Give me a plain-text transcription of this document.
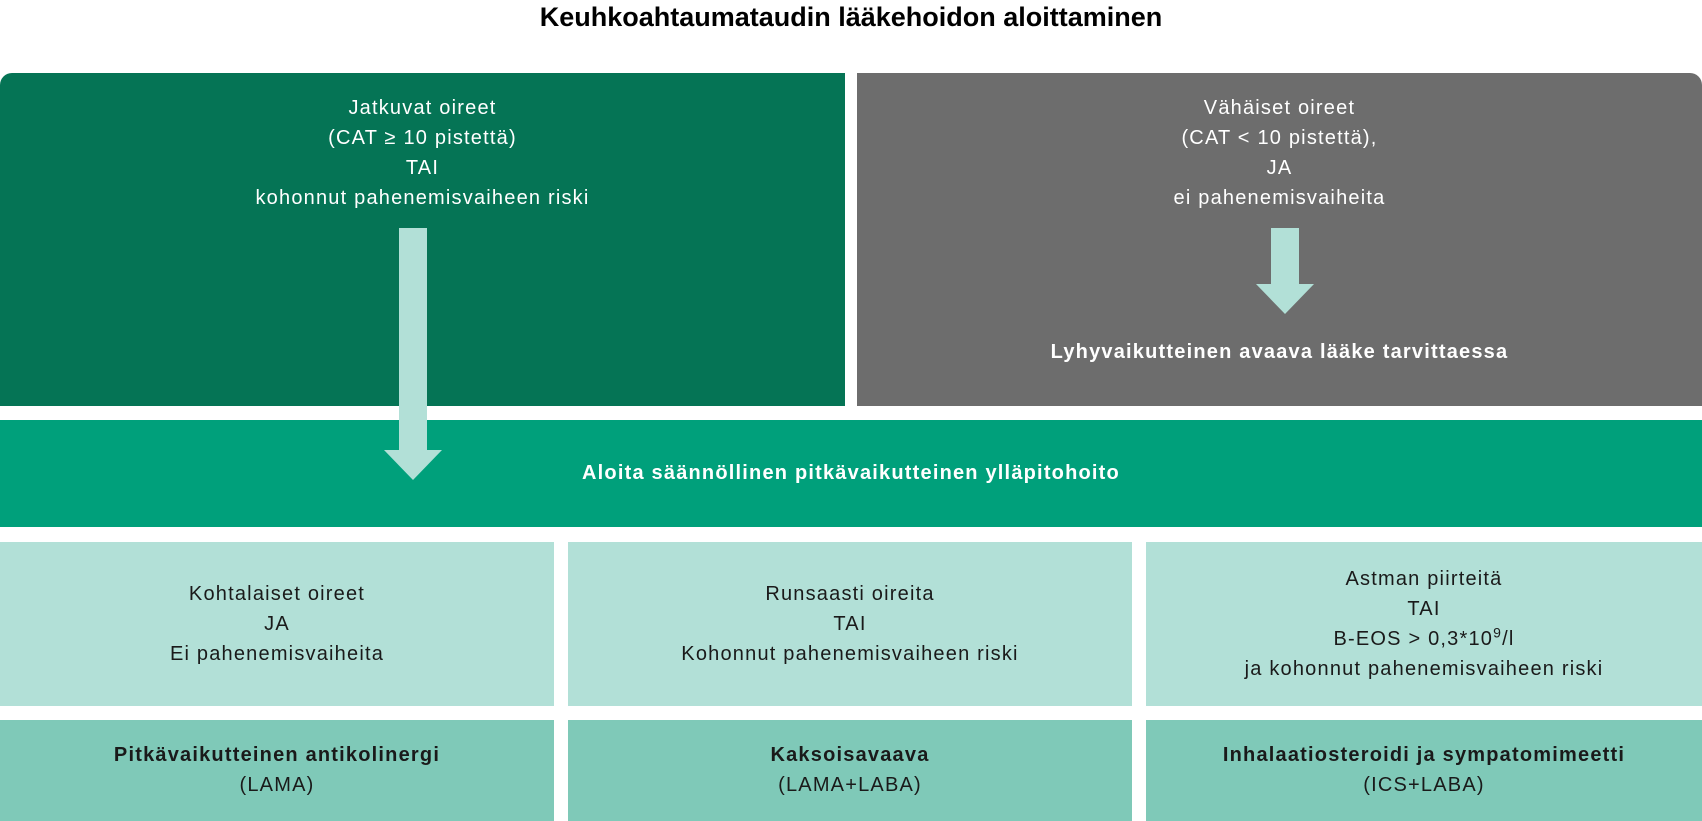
Keuhkoahtaumataudin lääkehoidon aloittaminen
Jatkuvat oireet
(CAT ≥ 10 pistettä)
TAI
kohonnut pahenemisvaiheen riski
Vähäiset oireet
(CAT < 10 pistettä),
JA
ei pahenemisvaiheita
Lyhyvaikutteinen avaava lääke tarvittaessa
Aloita säännöllinen pitkävaikutteinen ylläpitohoito
Kohtalaiset oireet
JA
Ei pahenemisvaiheita
Runsaasti oireita
TAI
Kohonnut pahenemisvaiheen riski
Astman piirteitä
TAI
$B-EOS > 0,3*10^9/l$
ja kohonnut pahenemisvaiheen riski
Pitkävaikutteinen antikolinergi
(LAMA)
Kaksoisavaava
(LAMA+LABA)
Inhalaatiosteroidi ja sympatomimeetti
(ICS+LABA)
